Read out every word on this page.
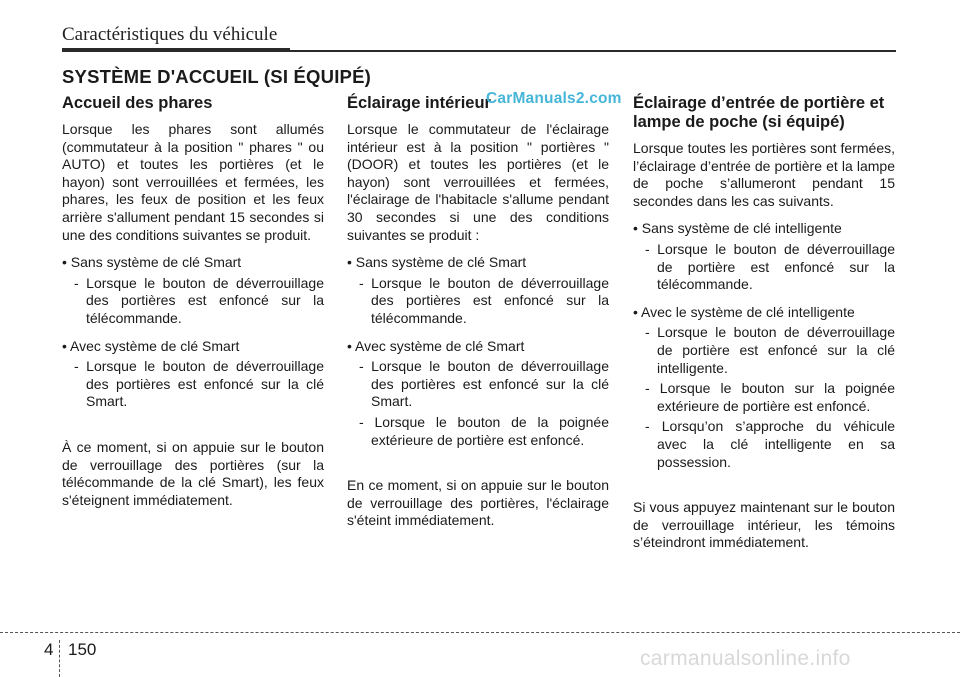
Caractéristiques du véhicule
SYSTÈME D'ACCUEIL (SI ÉQUIPÉ)
Accueil des phares

Lorsque les phares sont allumés (commutateur à la position " phares " ou AUTO) et toutes les portières (et le hayon) sont verrouillées et fermées, les phares, les feux de position et les feux arrière s'allument pendant 15 secondes si une des conditions suivantes se produit.

• Sans système de clé Smart

- Lorsque le bouton de déverrouillage des portières est enfoncé sur la télécommande.

• Avec système de clé Smart

- Lorsque le bouton de déverrouillage des portières est enfoncé sur la clé Smart.

À ce moment, si on appuie sur le bouton de verrouillage des portières (sur la télécommande de la clé Smart), les feux s'éteignent immédiatement.

Éclairage intérieur

Lorsque le commutateur de l'éclairage intérieur est à la position " portières " (DOOR) et toutes les portières (et le hayon) sont verrouillées et fermées, l'éclairage de l'habitacle s'allume pendant 30 secondes si une des conditions suivantes se produit :

• Sans système de clé Smart

- Lorsque le bouton de déverrouillage des portières est enfoncé sur la télécommande.

• Avec système de clé Smart

- Lorsque le bouton de déverrouillage des portières est enfoncé sur la clé Smart.

- Lorsque le bouton de la poignée extérieure de portière est enfoncé.

En ce moment, si on appuie sur le bouton de verrouillage des portières, l'éclairage s'éteint immédiatement.

Éclairage d’entrée de portière et lampe de poche (si équipé)

Lorsque toutes les portières sont fermées, l’éclairage d’entrée de portière et la lampe de poche s’allumeront pendant 15 secondes dans les cas suivants.

• Sans système de clé intelligente

- Lorsque le bouton de déverrouillage de portière est enfoncé sur la télécommande.

• Avec le système de clé intelligente

- Lorsque le bouton de déverrouillage de portière est enfoncé sur la clé intelligente.

- Lorsque le bouton sur la poignée extérieure de portière est enfoncé.

- Lorsqu’on s’approche du véhicule avec la clé intelligente en sa possession.

Si vous appuyez maintenant sur le bouton de verrouillage intérieur, les témoins s’éteindront immédiatement.

CarManuals2.com
4 150	carmanualsonline.info
